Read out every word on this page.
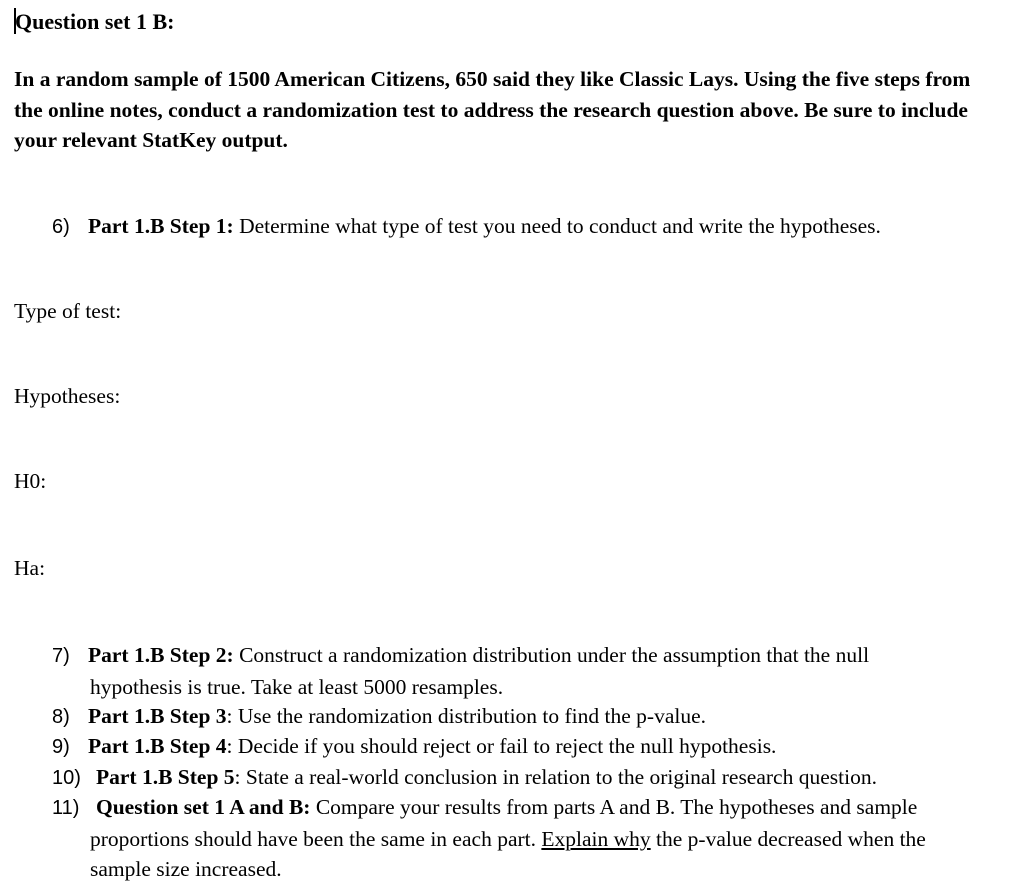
Question set 1 B:
In a random sample of 1500 American Citizens, 650 said they like Classic Lays. Using the five steps from the online notes, conduct a randomization test to address the research question above. Be sure to include your relevant StatKey output.
6) Part 1.B Step 1: Determine what type of test you need to conduct and write the hypotheses.
Type of test:
Hypotheses:
H0:
Ha:
7) Part 1.B Step 2: Construct a randomization distribution under the assumption that the null
hypothesis is true. Take at least 5000 resamples.
8) Part 1.B Step 3: Use the randomization distribution to find the p-value.
9) Part 1.B Step 4: Decide if you should reject or fail to reject the null hypothesis.
10) Part 1.B Step 5: State a real-world conclusion in relation to the original research question.
11) Question set 1 A and B: Compare your results from parts A and B. The hypotheses and sample
proportions should have been the same in each part. Explain why the p-value decreased when the
sample size increased.
